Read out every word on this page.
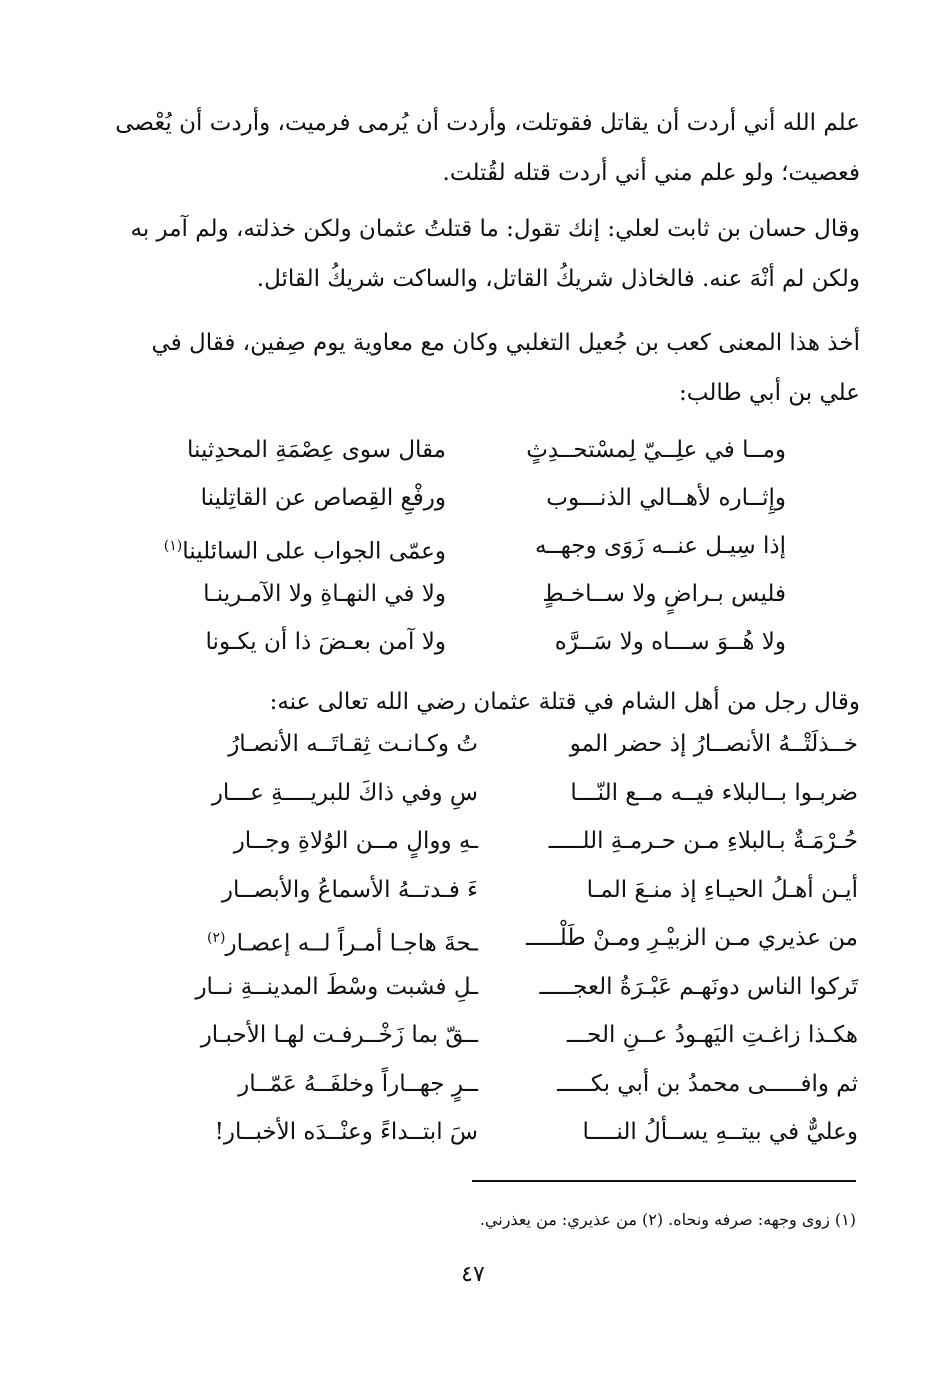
علم الله أني أردت أن يقاتل فقوتلت، وأردت أن يُرمى فرميت، وأردت أن يُعْصى
فعصيت؛ ولو علم مني أني أردت قتله لقُتلت.

وقال حسان بن ثابت لعلي: إنك تقول: ما قتلتُ عثمان ولكن خذلته، ولم آمر به
ولكن لم أنْهَ عنه. فالخاذل شريكُ القاتل، والساكت شريكُ القائل.

أخذ هذا المعنى كعب بن جُعيل التغلبي وكان مع معاوية يوم صِفين، فقال في
علي بن أبي طالب:

ومــا في علِــيّ لِمسْتحــدِثٍ
مقال سوى عِصْمَةِ المحدِثينا
وإِثــاره لأهــالي الذنـــوب
ورفْعِ القِصاص عن القاتِلينا
إذا سِيـل عنــه زَوَى وجهــه
وعمّى الجواب على السائلينا$^{(١)}$
فليس بـراضٍ ولا ســاخـطٍ
ولا في النهـاةِ ولا الآمـرينـا
ولا هُــوَ ســـاه ولا سَــرَّه
ولا آمن بعـضَ ذا أن يكـونا

وقال رجل من أهل الشام في قتلة عثمان رضي الله تعالى عنه:

خــذلَتْــهُ الأنصــارُ إذ حضر المو
تُ وكـانـت ثِقـاتَــه الأنصـارُ
ضربـوا بــالبلاء فيــه مــع النّـــا
سِ وفي ذاكَ للبريــــةِ عـــار
حُـرْمَـةٌ بـالبلاءِ مـن حـرمـةِ اللـــــ
ـهِ ووالٍ مــن الوُلاةِ وجــار
أيـن أهـلُ الحيـاءِ إذ منـعَ المـا
ءَ فـدتــهُ الأسماعُ والأبصــار
من عذيري مـن الزبيْـرِ ومـنْ طَلْـــــ
ـحةَ هاجـا أمـراً لــه إعصـار$^{(٢)}$
تَركوا الناس دونَهـم عَبْـرَةُ العجـــــ
ـلِ فشبت وسْطَ المدينــةِ نــار
هكـذا زاغـتِ اليَهـودُ عــنِ الحـــ
ــقّ بما زَخْــرفـت لهـا الأحبـار
ثم وافـــــى محمدُ بن أبي بكـــــ
ــرٍ جهــاراً وخلفَــهُ عَمّــار
وعليٌّ في بيتــهِ يســألُ النــــا
سَ ابتــداءً وعنْــدَه الأخبــار!
(١) زوى وجهه: صرفه ونحاه. (٢) من عذيري: من يعذرني.
٤٧
